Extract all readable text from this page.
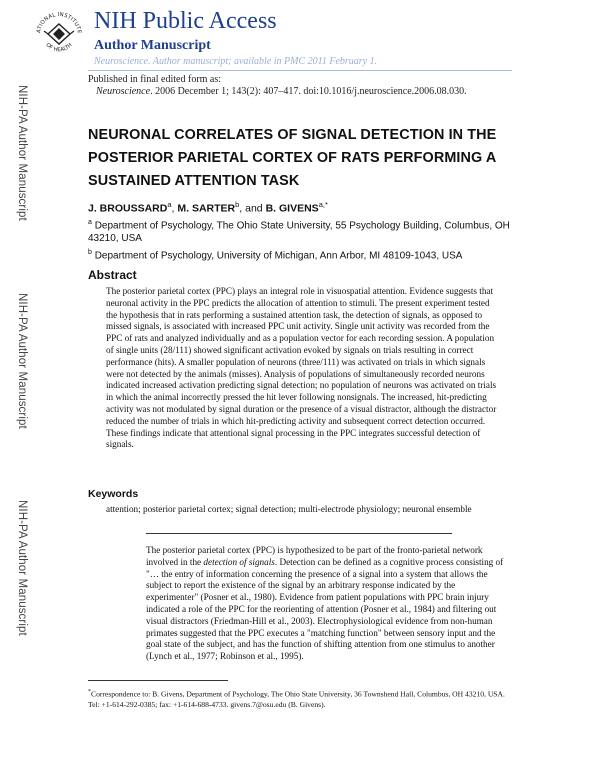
NIH-PA Author Manuscript
NIH-PA Author Manuscript
NIH-PA Author Manuscript
ATIONAL INSTITUTE
OF HEALTH
NIH Public Access
Author Manuscript
Neuroscience. Author manuscript; available in PMC 2011 February 1.
Published in final edited form as:
Neuroscience. 2006 December 1; 143(2): 407–417. doi:10.1016/j.neuroscience.2006.08.030.
NEURONAL CORRELATES OF SIGNAL DETECTION IN THE POSTERIOR PARIETAL CORTEX OF RATS PERFORMING A SUSTAINED ATTENTION TASK
J. BROUSSARD$^a$, M. SARTER$^b$, and B. $GIVENS^{a,*}$
$^a$ Department of Psychology, The Ohio State University, 55 Psychology Building, Columbus, OH 43210, USA
$^b$ Department of Psychology, University of Michigan, Ann Arbor, MI 48109-1043, USA
Abstract
The posterior parietal cortex (PPC) plays an integral role in visuospatial attention. Evidence suggests that neuronal activity in the PPC predicts the allocation of attention to stimuli. The present experiment tested the hypothesis that in rats performing a sustained attention task, the detection of signals, as opposed to missed signals, is associated with increased PPC unit activity. Single unit activity was recorded from the PPC of rats and analyzed individually and as a population vector for each recording session. A population of single units (28/111) showed significant activation evoked by signals on trials resulting in correct performance (hits). A smaller population of neurons (three/111) was activated on trials in which signals were not detected by the animals (misses). Analysis of populations of simultaneously recorded neurons indicated increased activation predicting signal detection; no population of neurons was activated on trials in which the animal incorrectly pressed the hit lever following nonsignals. The increased, hit-predicting activity was not modulated by signal duration or the presence of a visual distractor, although the distractor reduced the number of trials in which hit-predicting activity and subsequent correct detection occurred. These findings indicate that attentional signal processing in the PPC integrates successful detection of signals.
Keywords
attention; posterior parietal cortex; signal detection; multi-electrode physiology; neuronal ensemble
The posterior parietal cortex (PPC) is hypothesized to be part of the fronto-parietal network involved in the detection of signals. Detection can be defined as a cognitive process consisting of "… the entry of information concerning the presence of a signal into a system that allows the subject to report the existence of the signal by an arbitrary response indicated by the experimenter" (Posner et al., 1980). Evidence from patient populations with PPC brain injury indicated a role of the PPC for the reorienting of attention (Posner et al., 1984) and filtering out visual distractors (Friedman-Hill et al., 2003). Electrophysiological evidence from non-human primates suggested that the PPC executes a "matching function" between sensory input and the goal state of the subject, and has the function of shifting attention from one stimulus to another (Lynch et al., 1977; Robinson et al., 1995).
*Correspondence to: B. Givens, Department of Psychology, The Ohio State University, 36 Townshend Hall, Columbus, OH 43210, USA. Tel: +1-614-292-0385; fax: +1-614-688-4733. givens.7@osu.edu (B. Givens).
